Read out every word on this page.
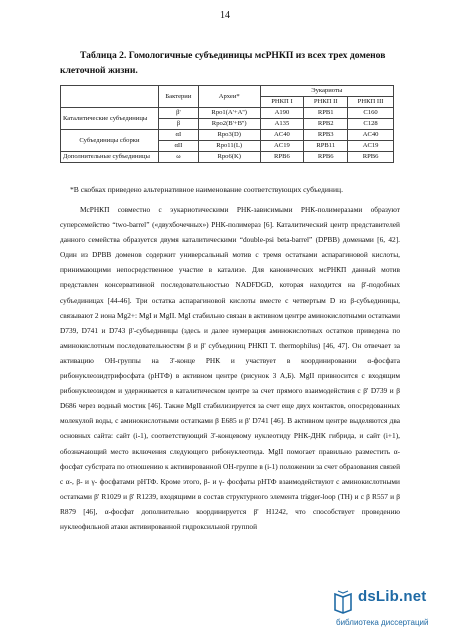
14
Таблица 2. Гомологичные субъединицы мсРНКП из всех трех доменов клеточной жизни.
	Бактерии	Археи*	Эукариоты		
			РНКП I	РНКП II	РНКП III
Каталитические субъединицы	β'	Rpo1(A'+A'')	A190	RPB1	C160
	β	Rpo2(B'+B'')	A135	RPB2	C128
Субъединицы сборки	αI	Rpo3(D)	AC40	RPB3	AC40
	αII	Rpo11(L)	AC19	RPB11	AC19
Дополнительные субъединицы	ω	Rpo6(K)	RPB6	RPB6	RPB6
*В скобках приведено альтернативное наименование соответствующих субъединиц.

МсРНКП совместно с эукариотическими РНК-зависимыми РНК-полимеразами образуют суперсемейство “two-barrel” («двухбочечных») РНК-полимераз [6]. Каталитический центр представителей данного семейства образуется двумя каталитическими “double-psi beta-barrel” (DPBB) доменами [6, 42]. Один из DPBB доменов содержит универсальный мотив с тремя остатками аспарагиновой кислоты, принимающими непосредственное участие в катализе. Для канонических мсРНКП данный мотив представлен консервативной последовательностью NADFDGD, которая находится на β'-подобных субъединицах [44-46]. Три остатка аспарагиновой кислоты вместе с четвертым D из β-субъединицы, связывают 2 иона Mg2+: MgI и MgII. MgI стабильно связан в активном центре аминокислотными остатками D739, D741 и D743 β'-субъединицы (здесь и далее нумерация аминокислотных остатков приведена по аминокислотным последовательностям β и β' субъединиц РНКП T. thermophilus) [46, 47]. Он отвечает за активацию ОН-группы на 3'-конце РНК и участвует в координировании α-фосфата рибонуклеозидтрифосфата (рНТФ) в активном центре (рисунок 3 А,Б). MgII привносится с входящим рибонуклеозидом и удерживается в каталитическом центре за счет прямого взаимодействия с β' D739 и β D686 через водный мостик [46]. Также MgII стабилизируется за счет еще двух контактов, опосредованных молекулой воды, с аминокислотными остатками β E685 и β' D741 [46]. В активном центре выделяются два основных сайта: сайт (i-1), соответствующий 3'-концевому нуклеотиду РНК-ДНК гибрида, и сайт (i+1), обозначающий место включения следующего рибонуклеотида. MgII помогает правильно разместить α-фосфат субстрата по отношению к активированной ОН-группе в (i-1) положении за счет образования связей с α-, β- и γ- фосфатами рНТФ. Кроме этого, β- и γ- фосфаты рНТФ взаимодействуют с аминокислотными остатками β' R1029 и β' R1239, входящими в состав структурного элемента trigger-loop (TH) и с β R557 и β R879 [46], α-фосфат дополнительно координируется β' H1242, что способствует проведению нуклеофильной атаки активированной гидроксильной группой

dsLib.net
библиотека диссертаций
